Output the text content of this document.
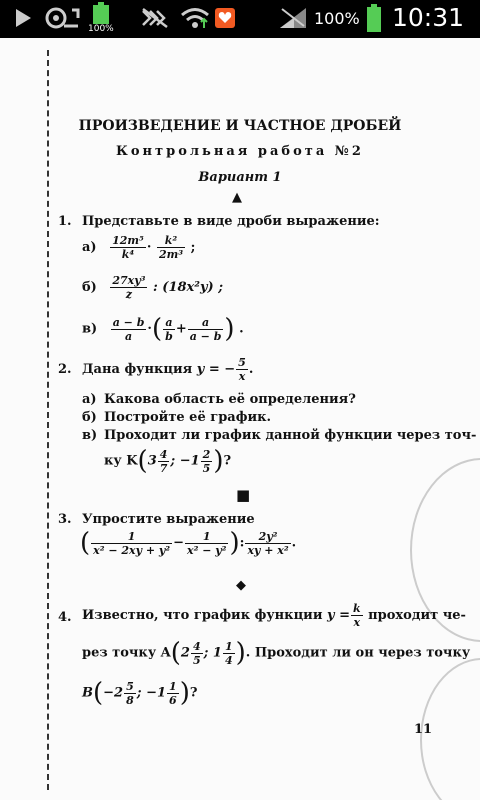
100%
100% 10:31
ПРОИЗВЕДЕНИЕ И ЧАСТНОЕ ДРОБЕЙ
Контрольная работа №2
Вариант 1
▲
1. Представьте в виде дроби выражение:
$а) \frac{\text{12m⁵}}{\text{k⁴}} \cdot \frac{\text{k²}}{\text{2m³}}$ ;
$б) \frac{\text{27xy³}}{z}$ : (18x²y) ;
$в) \frac{a - b}{a}$ ·( $\frac{a}{b} + \frac{a}{a - b}$ ) .
2. Дана функция y = − $\frac{5}{x}$ .
а) Какова область её определения?
б) Постройте её график.
в) Проходит ли график данной функции через точ-
ку $K(3 \frac{4}{7}$ ; $-1 \frac{2}{5}$ )?
■
3. Упростите выражение
( $\frac{1}{\text{x² − 2xy + y²}} - \frac{1}{\text{x² − y²}}$ ): $\frac{\text{2y²}}{\text{xy + x²}}$ .
◆
4. Известно, что график функции $y = \frac{k}{x}$ проходит че-
рез точку $A(2 \frac{4}{5}$ ; $1 \frac{1}{4}$ ). Проходит ли он через точку
$B(-2 \frac{5}{8}$ ; $-1 \frac{1}{6}$ )?
11
